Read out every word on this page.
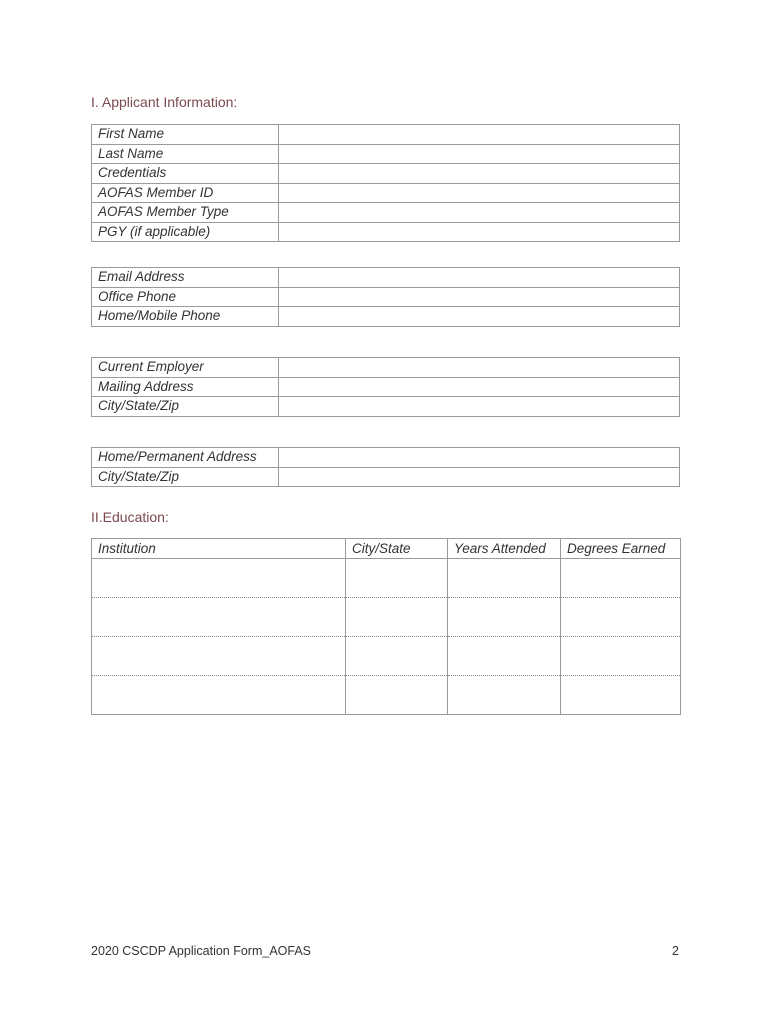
I. Applicant Information:
First Name	
Last Name	
Credentials	
AOFAS Member ID	
AOFAS Member Type	
PGY (if applicable)	
Email Address	
Office Phone	
Home/Mobile Phone	
Current Employer	
Mailing Address	
City/State/Zip	
Home/Permanent Address	
City/State/Zip	
II.Education:
Institution	City/State	Years Attended	Degrees Earned

2020 CSCDP Application Form_AOFAS	2
